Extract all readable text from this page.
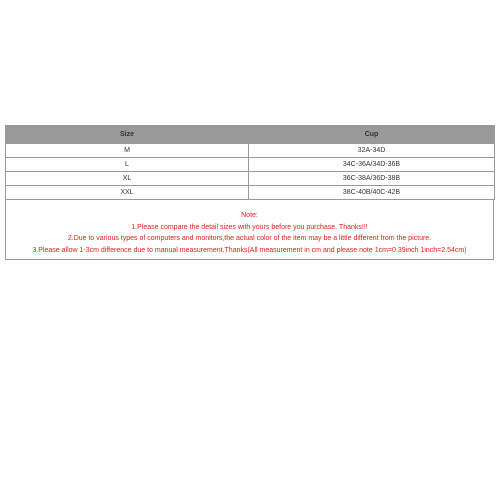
Size	Cup
M	32A-34D
L	34C-36A/34D-36B
XL	36C-38A/36D-38B
XXL	38C-40B/40C-42B
Note:
1.Please compare the detail sizes with yours before you purchase. Thanks!!!
2.Due to various types of computers and monitors,the actual color of the item may be a little different from the picture.
3.Please allow 1-3cm difference due to manual measurement.Thanks(All measurement in cm and please note 1cm=0.39inch 1inch=2.54cm)
